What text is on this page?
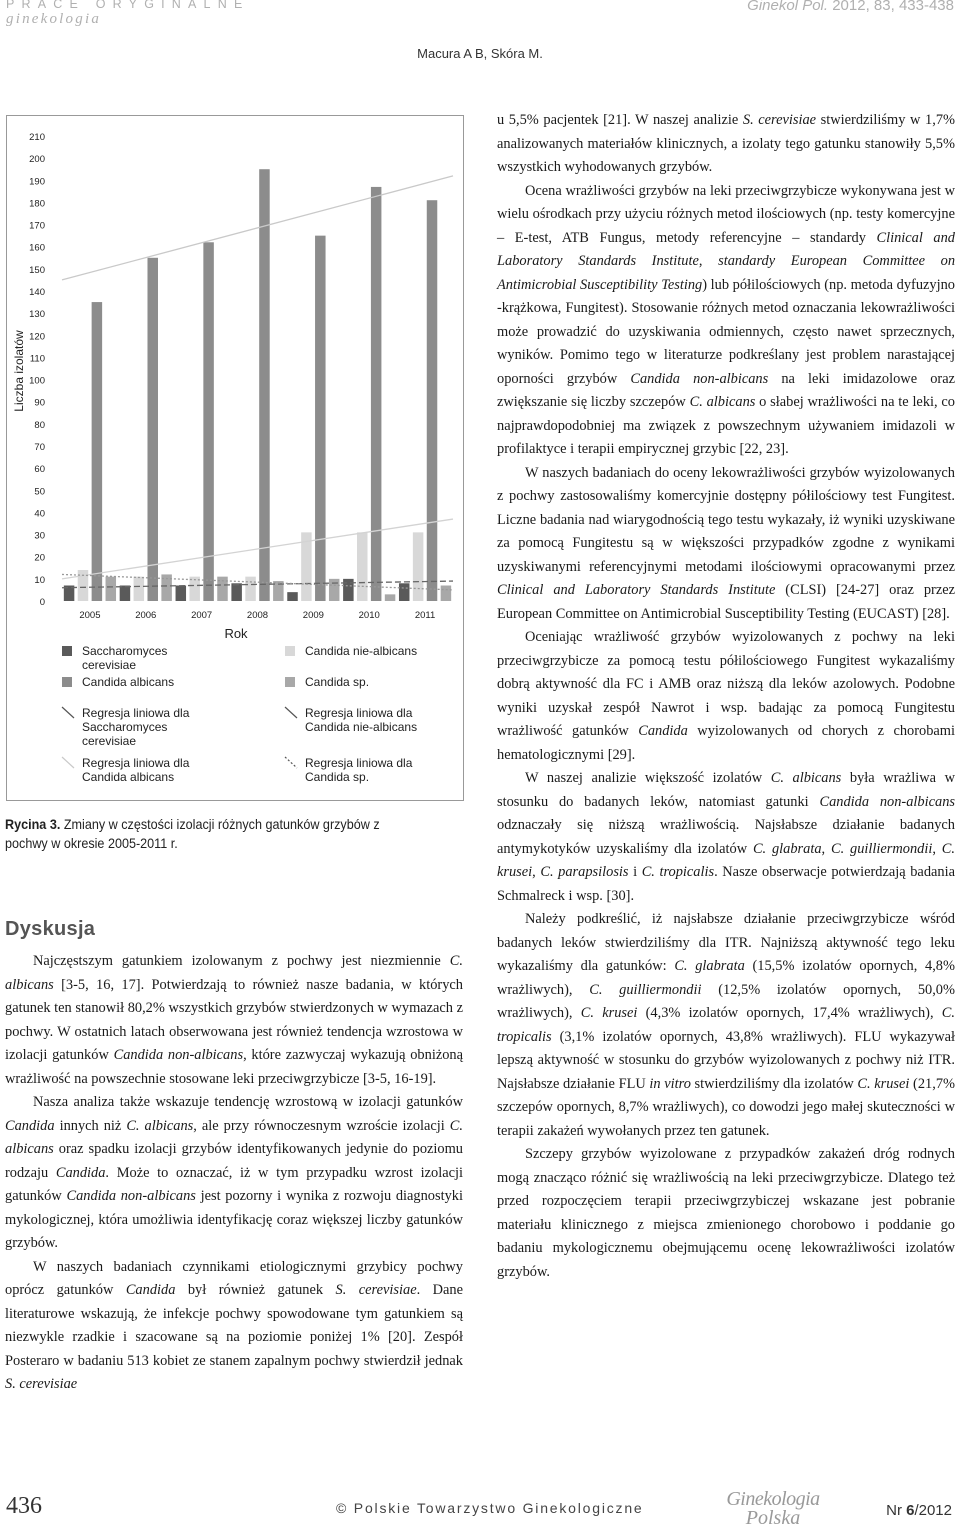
PRACE ORYGINALNE
ginekologia
Ginekol Pol. 2012, 83, 433-438
Macura A B, Skóra M.
0
10
20
30
40
50
60
70
80
90
100
110
120
130
140
150
160
170
180
190
200
210
Liczba izolatów
2005	2006	2007	2008	2009	2010	2011
Rok
Saccharomyces
cerevisiae
Candida albicans
Regresja liniowa dla
Saccharomyces
cerevisiae
Regresja liniowa dla
Candida albicans
Candida nie-albicans
Candida sp.
Regresja liniowa dla
Candida nie-albicans
Regresja liniowa dla
Candida sp.
Rycina 3. Zmiany w częstości izolacji różnych gatunków grzybów z pochwy w okresie 2005-2011 r.
Dyskusja

Najczęstszym gatunkiem izolowanym z pochwy jest niezmiennie C. albicans [3-5, 16, 17]. Potwierdzają to również nasze badania, w których gatunek ten stanowił 80,2% wszystkich grzybów stwierdzonych w wymazach z pochwy. W ostatnich latach obserwowana jest również tendencja wzrostowa w izolacji gatunków Candida non-albicans, które zazwyczaj wykazują obniżoną wrażliwość na powszechnie stosowane leki przeciwgrzybicze [3-5, 16-19].

Nasza analiza także wskazuje tendencję wzrostową w izolacji gatunków Candida innych niż C. albicans, ale przy równoczesnym wzroście izolacji C. albicans oraz spadku izolacji grzybów identyfikowanych jedynie do poziomu rodzaju Candida. Może to oznaczać, iż w tym przypadku wzrost izolacji gatunków Candida non-albicans jest pozorny i wynika z rozwoju diagnostyki mykologicznej, która umożliwia identyfikację coraz większej liczby gatunków grzybów.

W naszych badaniach czynnikami etiologicznymi grzybicy pochwy oprócz gatunków Candida był również gatunek S. cerevisiae. Dane literaturowe wskazują, że infekcje pochwy spowodowane tym gatunkiem są niezwykle rzadkie i szacowane są na poziomie poniżej 1% [20]. Zespół Posteraro w badaniu 513 kobiet ze stanem zapalnym pochwy stwierdził jednak S. cerevisiae

u 5,5% pacjentek [21]. W naszej analizie S. cerevisiae stwierdziliśmy w 1,7% analizowanych materiałów klinicznych, a izolaty tego gatunku stanowiły 5,5% wszystkich wyhodowanych grzybów.

Ocena wrażliwości grzybów na leki przeciwgrzybicze wykonywana jest w wielu ośrodkach przy użyciu różnych metod ilościowych (np. testy komercyjne – E-test, ATB Fungus, metody referencyjne – standardy Clinical and Laboratory Standards Institute, standardy European Committee on Antimicrobial Susceptibility Testing) lub półilościowych (np. metoda dyfuzyjno -krążkowa, Fungitest). Stosowanie różnych metod oznaczania lekowrażliwości może prowadzić do uzyskiwania odmiennych, często nawet sprzecznych, wyników. Pomimo tego w literaturze podkreślany jest problem narastającej oporności grzybów Candida non-albicans na leki imidazolowe oraz zwiększanie się liczby szczepów C. albicans o słabej wrażliwości na te leki, co najprawdopodobniej ma związek z powszechnym używaniem imidazoli w profilaktyce i terapii empirycznej grzybic [22, 23].

W naszych badaniach do oceny lekowrażliwości grzybów wyizolowanych z pochwy zastosowaliśmy komercyjnie dostępny półilościowy test Fungitest. Liczne badania nad wiarygodnością tego testu wykazały, iż wyniki uzyskiwane za pomocą Fungitestu są w większości przypadków zgodne z wynikami uzyskiwanymi referencyjnymi metodami ilościowymi opracowanymi przez Clinical and Laboratory Standards Institute (CLSI) [24-27] oraz przez European Committee on Antimicrobial Susceptibility Testing (EUCAST) [28].

Oceniając wrażliwość grzybów wyizolowanych z pochwy na leki przeciwgrzybicze za pomocą testu półilościowego Fungitest wykazaliśmy dobrą aktywność dla FC i AMB oraz niższą dla leków azolowych. Podobne wyniki uzyskał zespół Nawrot i wsp. badając za pomocą Fungitestu wrażliwość gatunków Candida wyizolowanych od chorych z chorobami hematologicznymi [29].

W naszej analizie większość izolatów C. albicans była wrażliwa w stosunku do badanych leków, natomiast gatunki Candida non-albicans odznaczały się niższą wrażliwością. Najsłabsze działanie badanych antymykotyków uzyskaliśmy dla izolatów C. glabrata, C. guilliermondii, C. krusei, C. parapsilosis i C. tropicalis. Nasze obserwacje potwierdzają badania Schmalreck i wsp. [30].

Należy podkreślić, iż najsłabsze działanie przeciwgrzybicze wśród badanych leków stwierdziliśmy dla ITR. Najniższą aktywność tego leku wykazaliśmy dla gatunków: C. glabrata (15,5% izolatów opornych, 4,8% wrażliwych), C. guilliermondii (12,5% izolatów opornych, 50,0% wrażliwych), C. krusei (4,3% izolatów opornych, 17,4% wrażliwych), C. tropicalis (3,1% izolatów opornych, 43,8% wrażliwych). FLU wykazywał lepszą aktywność w stosunku do grzybów wyizolowanych z pochwy niż ITR. Najsłabsze działanie FLU in vitro stwierdziliśmy dla izolatów C. krusei (21,7% szczepów opornych, 8,7% wrażliwych), co dowodzi jego małej skuteczności w terapii zakażeń wywołanych przez ten gatunek.

Szczepy grzybów wyizolowane z przypadków zakażeń dróg rodnych mogą znacząco różnić się wrażliwością na leki przeciwgrzybicze. Dlatego też przed rozpoczęciem terapii przeciwgrzybiczej wskazane jest pobranie materiału klinicznego z miejsca zmienionego chorobowo i poddanie go badaniu mykologicznemu obejmującemu ocenę lekowrażliwości izolatów grzybów.

436	© Polskie Towarzystwo Ginekologiczne	Ginekologia
Polska	Nr 6/2012
